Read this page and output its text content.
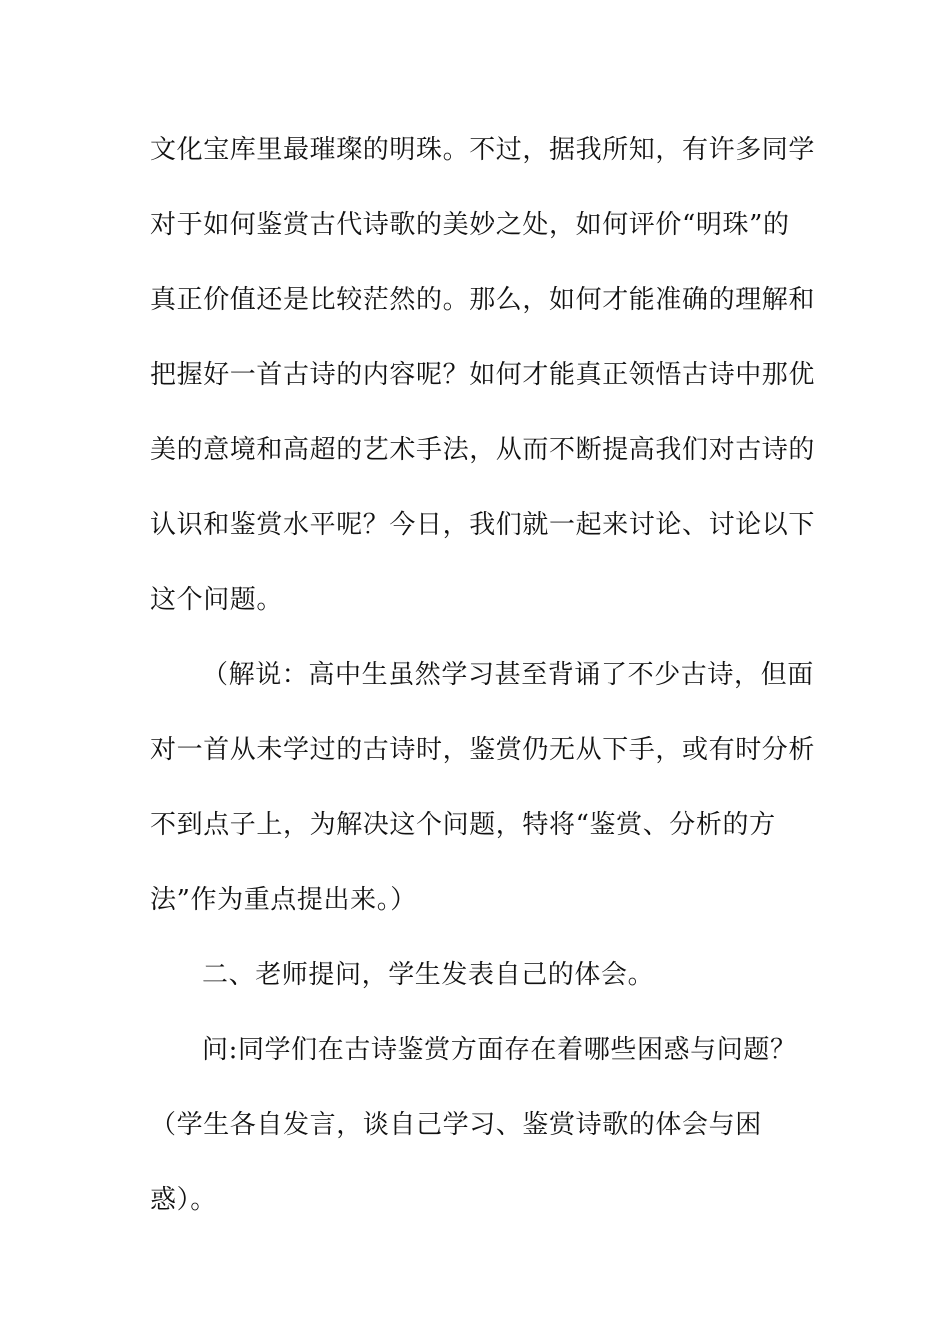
文化宝库里最璀璨的明珠。不过，据我所知，有许多同学
对于如何鉴赏古代诗歌的美妙之处，如何评价“明珠”的
真正价值还是比较茫然的。那么，如何才能准确的理解和
把握好一首古诗的内容呢？如何才能真正领悟古诗中那优
美的意境和高超的艺术手法，从而不断提高我们对古诗的
认识和鉴赏水平呢？今日，我们就一起来讨论、讨论以下
这个问题。
（解说：高中生虽然学习甚至背诵了不少古诗，但面
对一首从未学过的古诗时，鉴赏仍无从下手，或有时分析
不到点子上，为解决这个问题，特将“鉴赏、分析的方
法”作为重点提出来。）
二、老师提问，学生发表自己的体会。
问:同学们在古诗鉴赏方面存在着哪些困惑与问题？
（学生各自发言，谈自己学习、鉴赏诗歌的体会与困
惑）。
